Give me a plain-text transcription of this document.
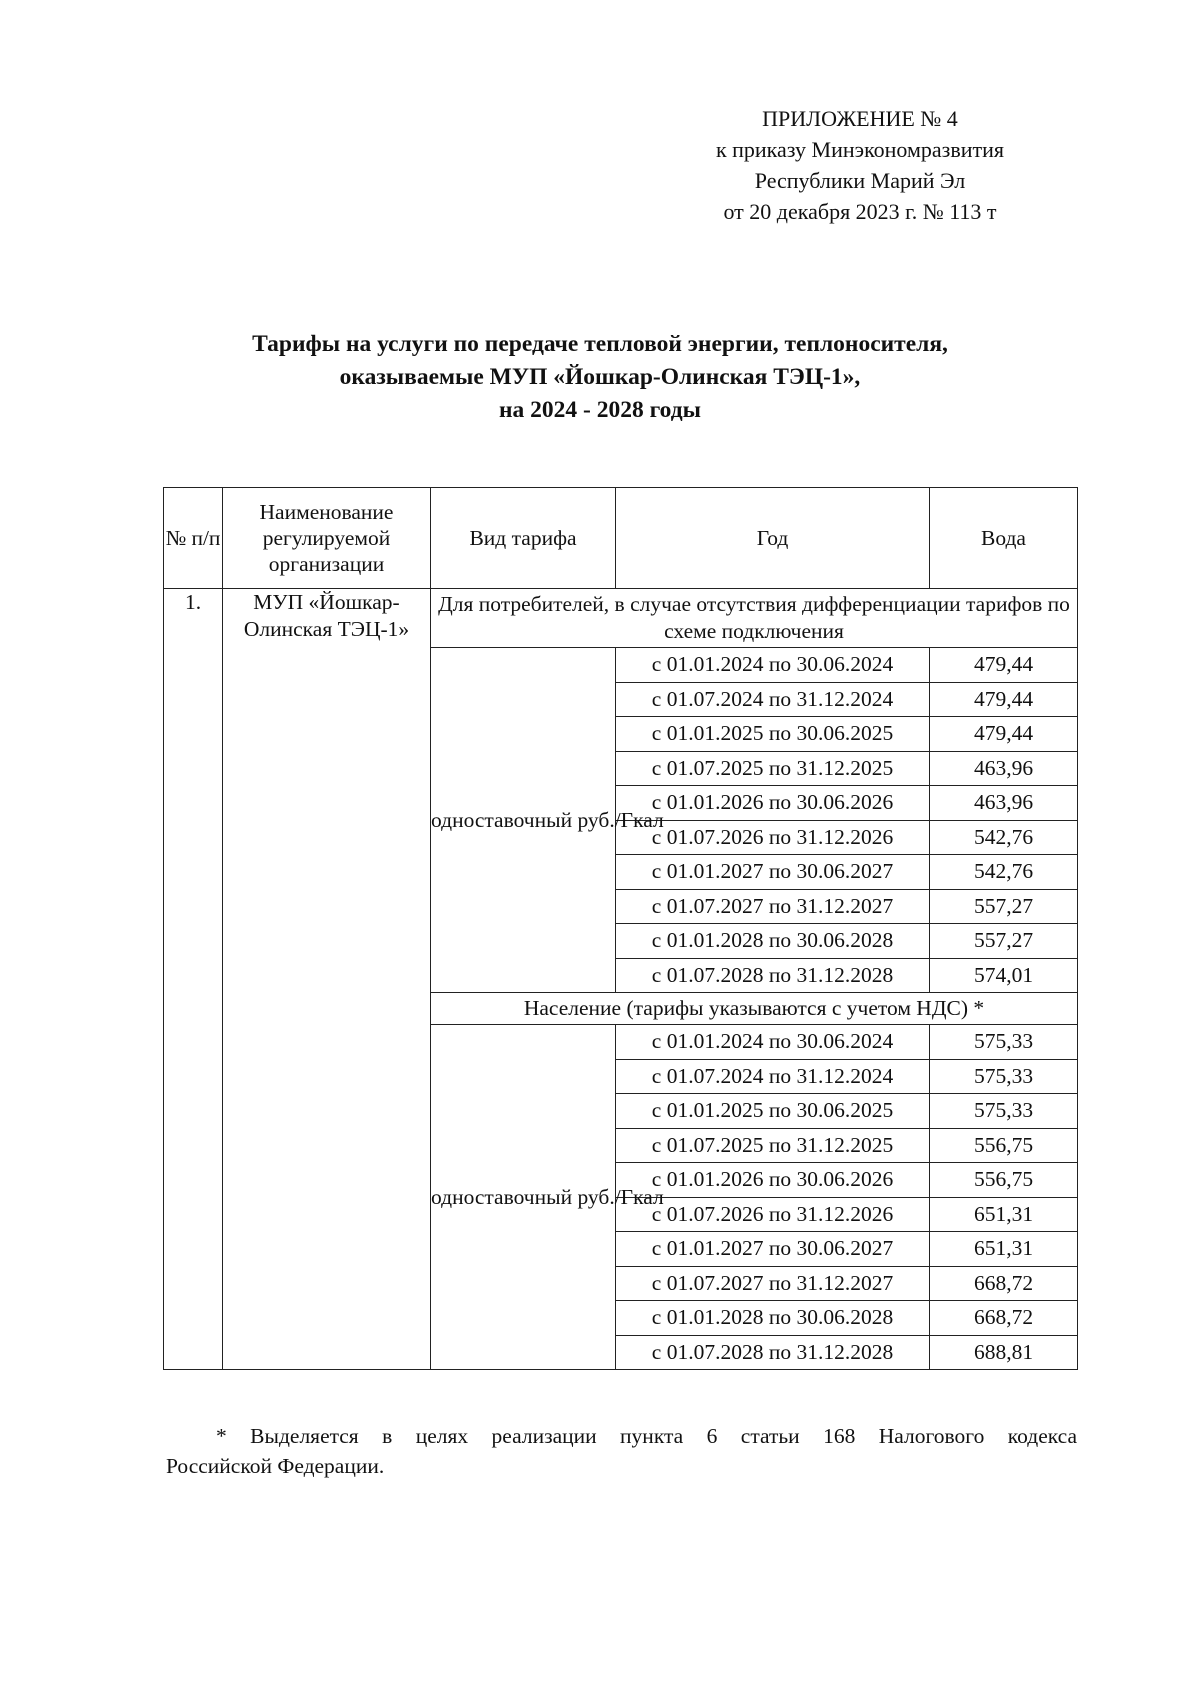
ПРИЛОЖЕНИЕ № 4
к приказу Минэкономразвития
Республики Марий Эл
от 20 декабря 2023 г. № 113 т
Тарифы на услуги по передаче тепловой энергии, теплоносителя,
оказываемые МУП «Йошкар-Олинская ТЭЦ-1»,
на 2024 - 2028 годы
№ п/п	Наименование регулируемой организации	Вид тарифа	Год	Вода
1.	МУП «Йошкар-Олинская ТЭЦ-1»	Для потребителей, в случае отсутствия дифференциации тарифов по схеме подключения		
		одноставочный руб./Гкал	с 01.01.2024 по 30.06.2024	479,44
			с 01.07.2024 по 31.12.2024	479,44
			с 01.01.2025 по 30.06.2025	479,44
			с 01.07.2025 по 31.12.2025	463,96
			с 01.01.2026 по 30.06.2026	463,96
			с 01.07.2026 по 31.12.2026	542,76
			с 01.01.2027 по 30.06.2027	542,76
			с 01.07.2027 по 31.12.2027	557,27
			с 01.01.2028 по 30.06.2028	557,27
			с 01.07.2028 по 31.12.2028	574,01
		Население (тарифы указываются с учетом НДС) *		
		одноставочный руб./Гкал	с 01.01.2024 по 30.06.2024	575,33
			с 01.07.2024 по 31.12.2024	575,33
			с 01.01.2025 по 30.06.2025	575,33
			с 01.07.2025 по 31.12.2025	556,75
			с 01.01.2026 по 30.06.2026	556,75
			с 01.07.2026 по 31.12.2026	651,31
			с 01.01.2027 по 30.06.2027	651,31
			с 01.07.2027 по 31.12.2027	668,72
			с 01.01.2028 по 30.06.2028	668,72
			с 01.07.2028 по 31.12.2028	688,81
* Выделяется в целях реализации пункта 6 статьи 168 Налогового кодекса
Российской Федерации.
